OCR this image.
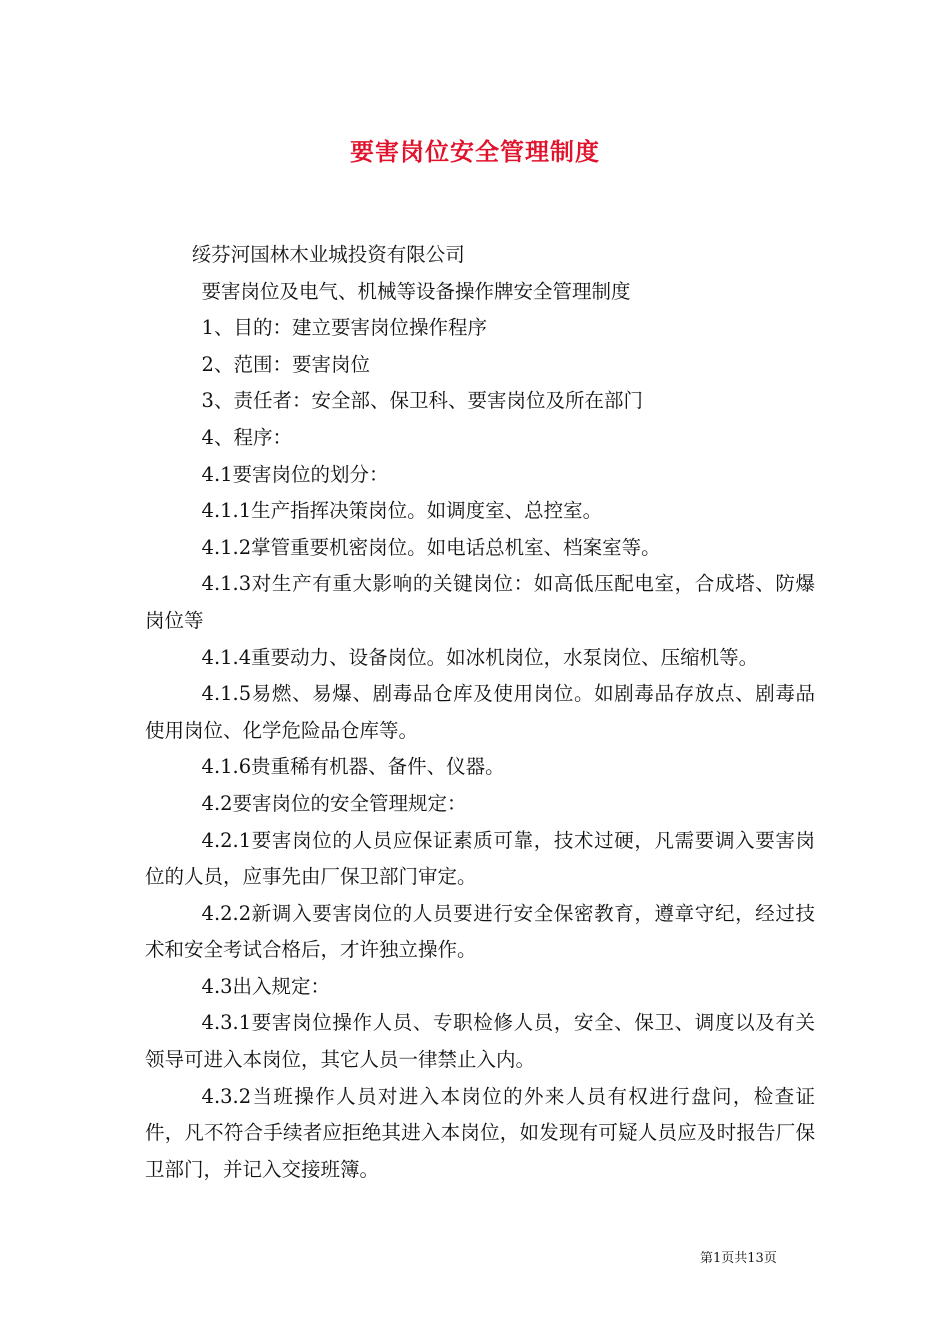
要害岗位安全管理制度

绥芬河国林木业城投资有限公司

要害岗位及电气、机械等设备操作牌安全管理制度

1、目的：建立要害岗位操作程序

2、范围：要害岗位

3、责任者：安全部、保卫科、要害岗位及所在部门

4、程序：

4.1要害岗位的划分：

4.1.1生产指挥决策岗位。如调度室、总控室。

4.1.2掌管重要机密岗位。如电话总机室、档案室等。

4.1.3对生产有重大影响的关键岗位：如高低压配电室，合成塔、防爆岗位等

4.1.4重要动力、设备岗位。如冰机岗位，水泵岗位、压缩机等。

4.1.5易燃、易爆、剧毒品仓库及使用岗位。如剧毒品存放点、剧毒品使用岗位、化学危险品仓库等。

4.1.6贵重稀有机器、备件、仪器。

4.2要害岗位的安全管理规定：

4.2.1要害岗位的人员应保证素质可靠，技术过硬，凡需要调入要害岗位的人员，应事先由厂保卫部门审定。

4.2.2新调入要害岗位的人员要进行安全保密教育，遵章守纪，经过技术和安全考试合格后，才许独立操作。

4.3出入规定：

4.3.1要害岗位操作人员、专职检修人员，安全、保卫、调度以及有关领导可进入本岗位，其它人员一律禁止入内。

4.3.2当班操作人员对进入本岗位的外来人员有权进行盘问，检查证件，凡不符合手续者应拒绝其进入本岗位，如发现有可疑人员应及时报告厂保卫部门，并记入交接班簿。

第1页共13页
